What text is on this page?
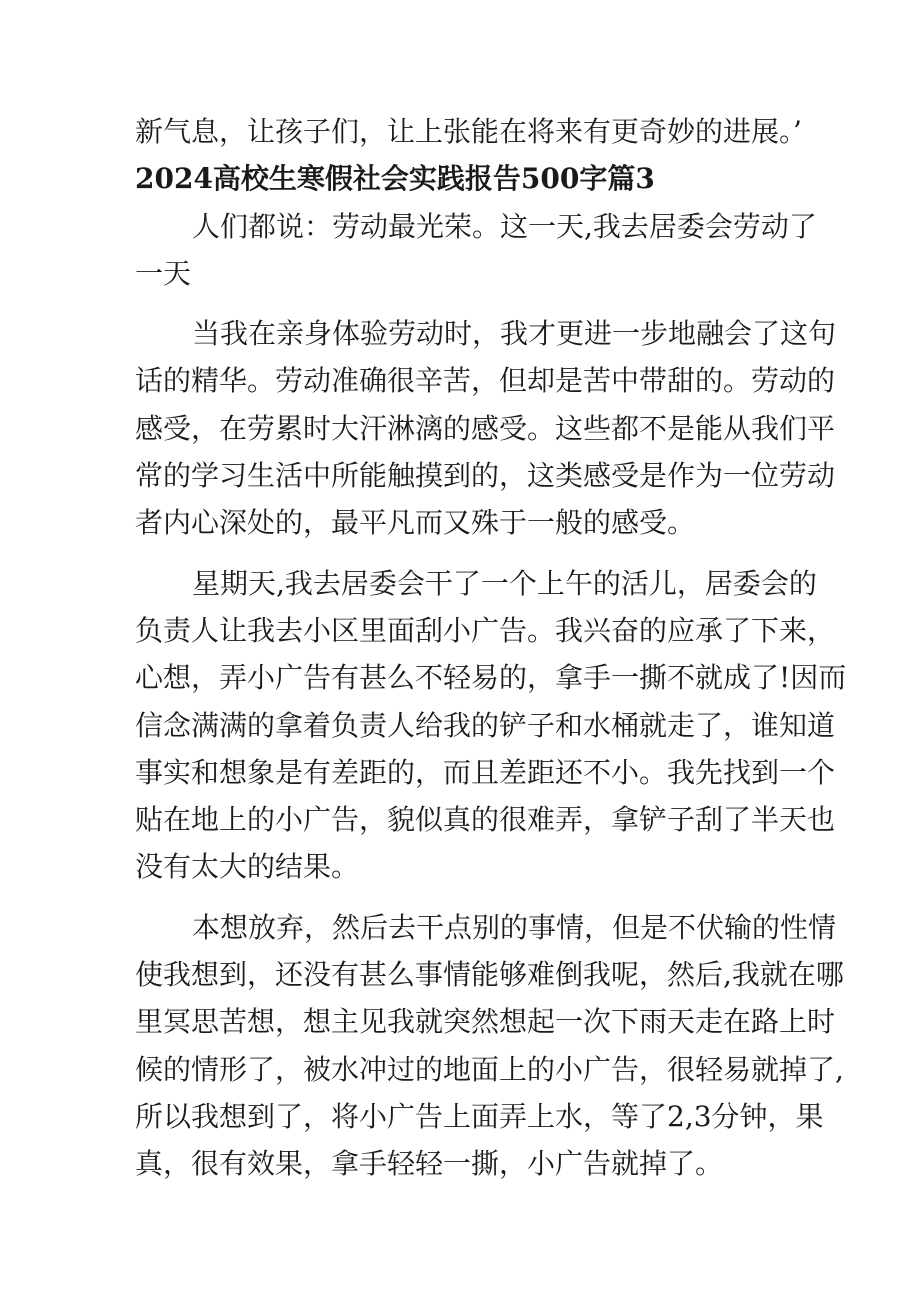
新气息，让孩子们，让上张能在将来有更奇妙的进展。’
2024高校生寒假社会实践报告500字篇3
人们都说：劳动最光荣。这一天,我去居委会劳动了
一天
当我在亲身体验劳动时，我才更进一步地融会了这句
话的精华。劳动准确很辛苦，但却是苦中带甜的。劳动的
感受，在劳累时大汗淋漓的感受。这些都不是能从我们平
常的学习生活中所能触摸到的，这类感受是作为一位劳动
者内心深处的，最平凡而又殊于一般的感受。
星期天,我去居委会干了一个上午的活儿，居委会的
负责人让我去小区里面刮小广告。我兴奋的应承了下来，
心想，弄小广告有甚么不轻易的，拿手一撕不就成了!因而
信念满满的拿着负责人给我的铲子和水桶就走了，谁知道
事实和想象是有差距的，而且差距还不小。我先找到一个
贴在地上的小广告，貌似真的很难弄，拿铲子刮了半天也
没有太大的结果。
本想放弃，然后去干点别的事情，但是不伏输的性情
使我想到，还没有甚么事情能够难倒我呢，然后,我就在哪
里冥思苦想，想主见我就突然想起一次下雨天走在路上时
候的情形了，被水冲过的地面上的小广告，很轻易就掉了,
所以我想到了，将小广告上面弄上水，等了2,3分钟，果
真，很有效果，拿手轻轻一撕，小广告就掉了。
